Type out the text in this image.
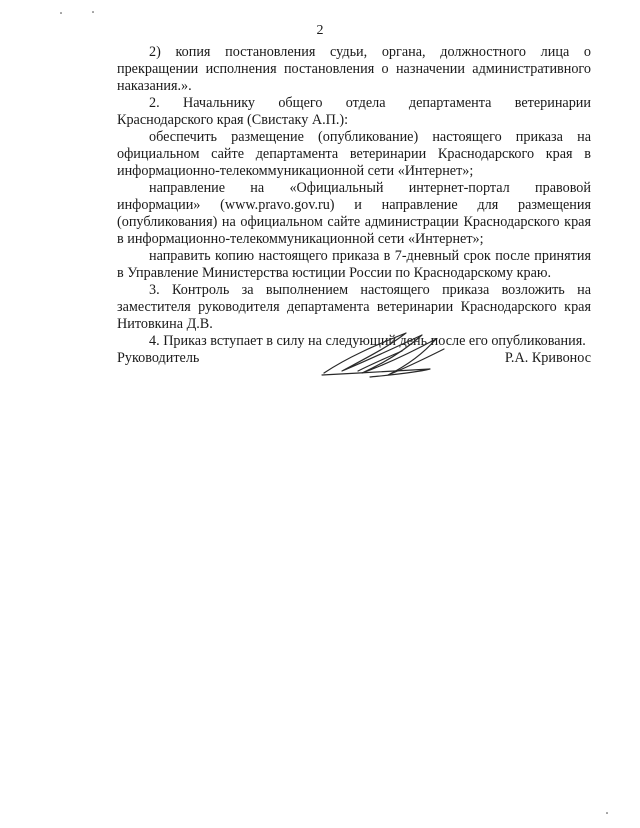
2

2) копия постановления судьи, органа, должностного лица о прекращении исполнения постановления о назначении административного наказания.».

2. Начальнику общего отдела департамента ветеринарии Краснодарского края (Свистаку А.П.):

обеспечить размещение (опубликование) настоящего приказа на официальном сайте департамента ветеринарии Краснодарского края в информационно-телекоммуникационной сети «Интернет»;

направление на «Официальный интернет-портал правовой информации» (www.pravo.gov.ru) и направление для размещения (опубликования) на официальном сайте администрации Краснодарского края в информационно-телекоммуникационной сети «Интернет»;

направить копию настоящего приказа в 7-дневный срок после принятия в Управление Министерства юстиции России по Краснодарскому краю.

3. Контроль за выполнением настоящего приказа возложить на заместителя руководителя департамента ветеринарии Краснодарского края Нитовкина Д.В.

4. Приказ вступает в силу на следующий день после его опубликования.

Руководитель	Р.А. Кривонос
